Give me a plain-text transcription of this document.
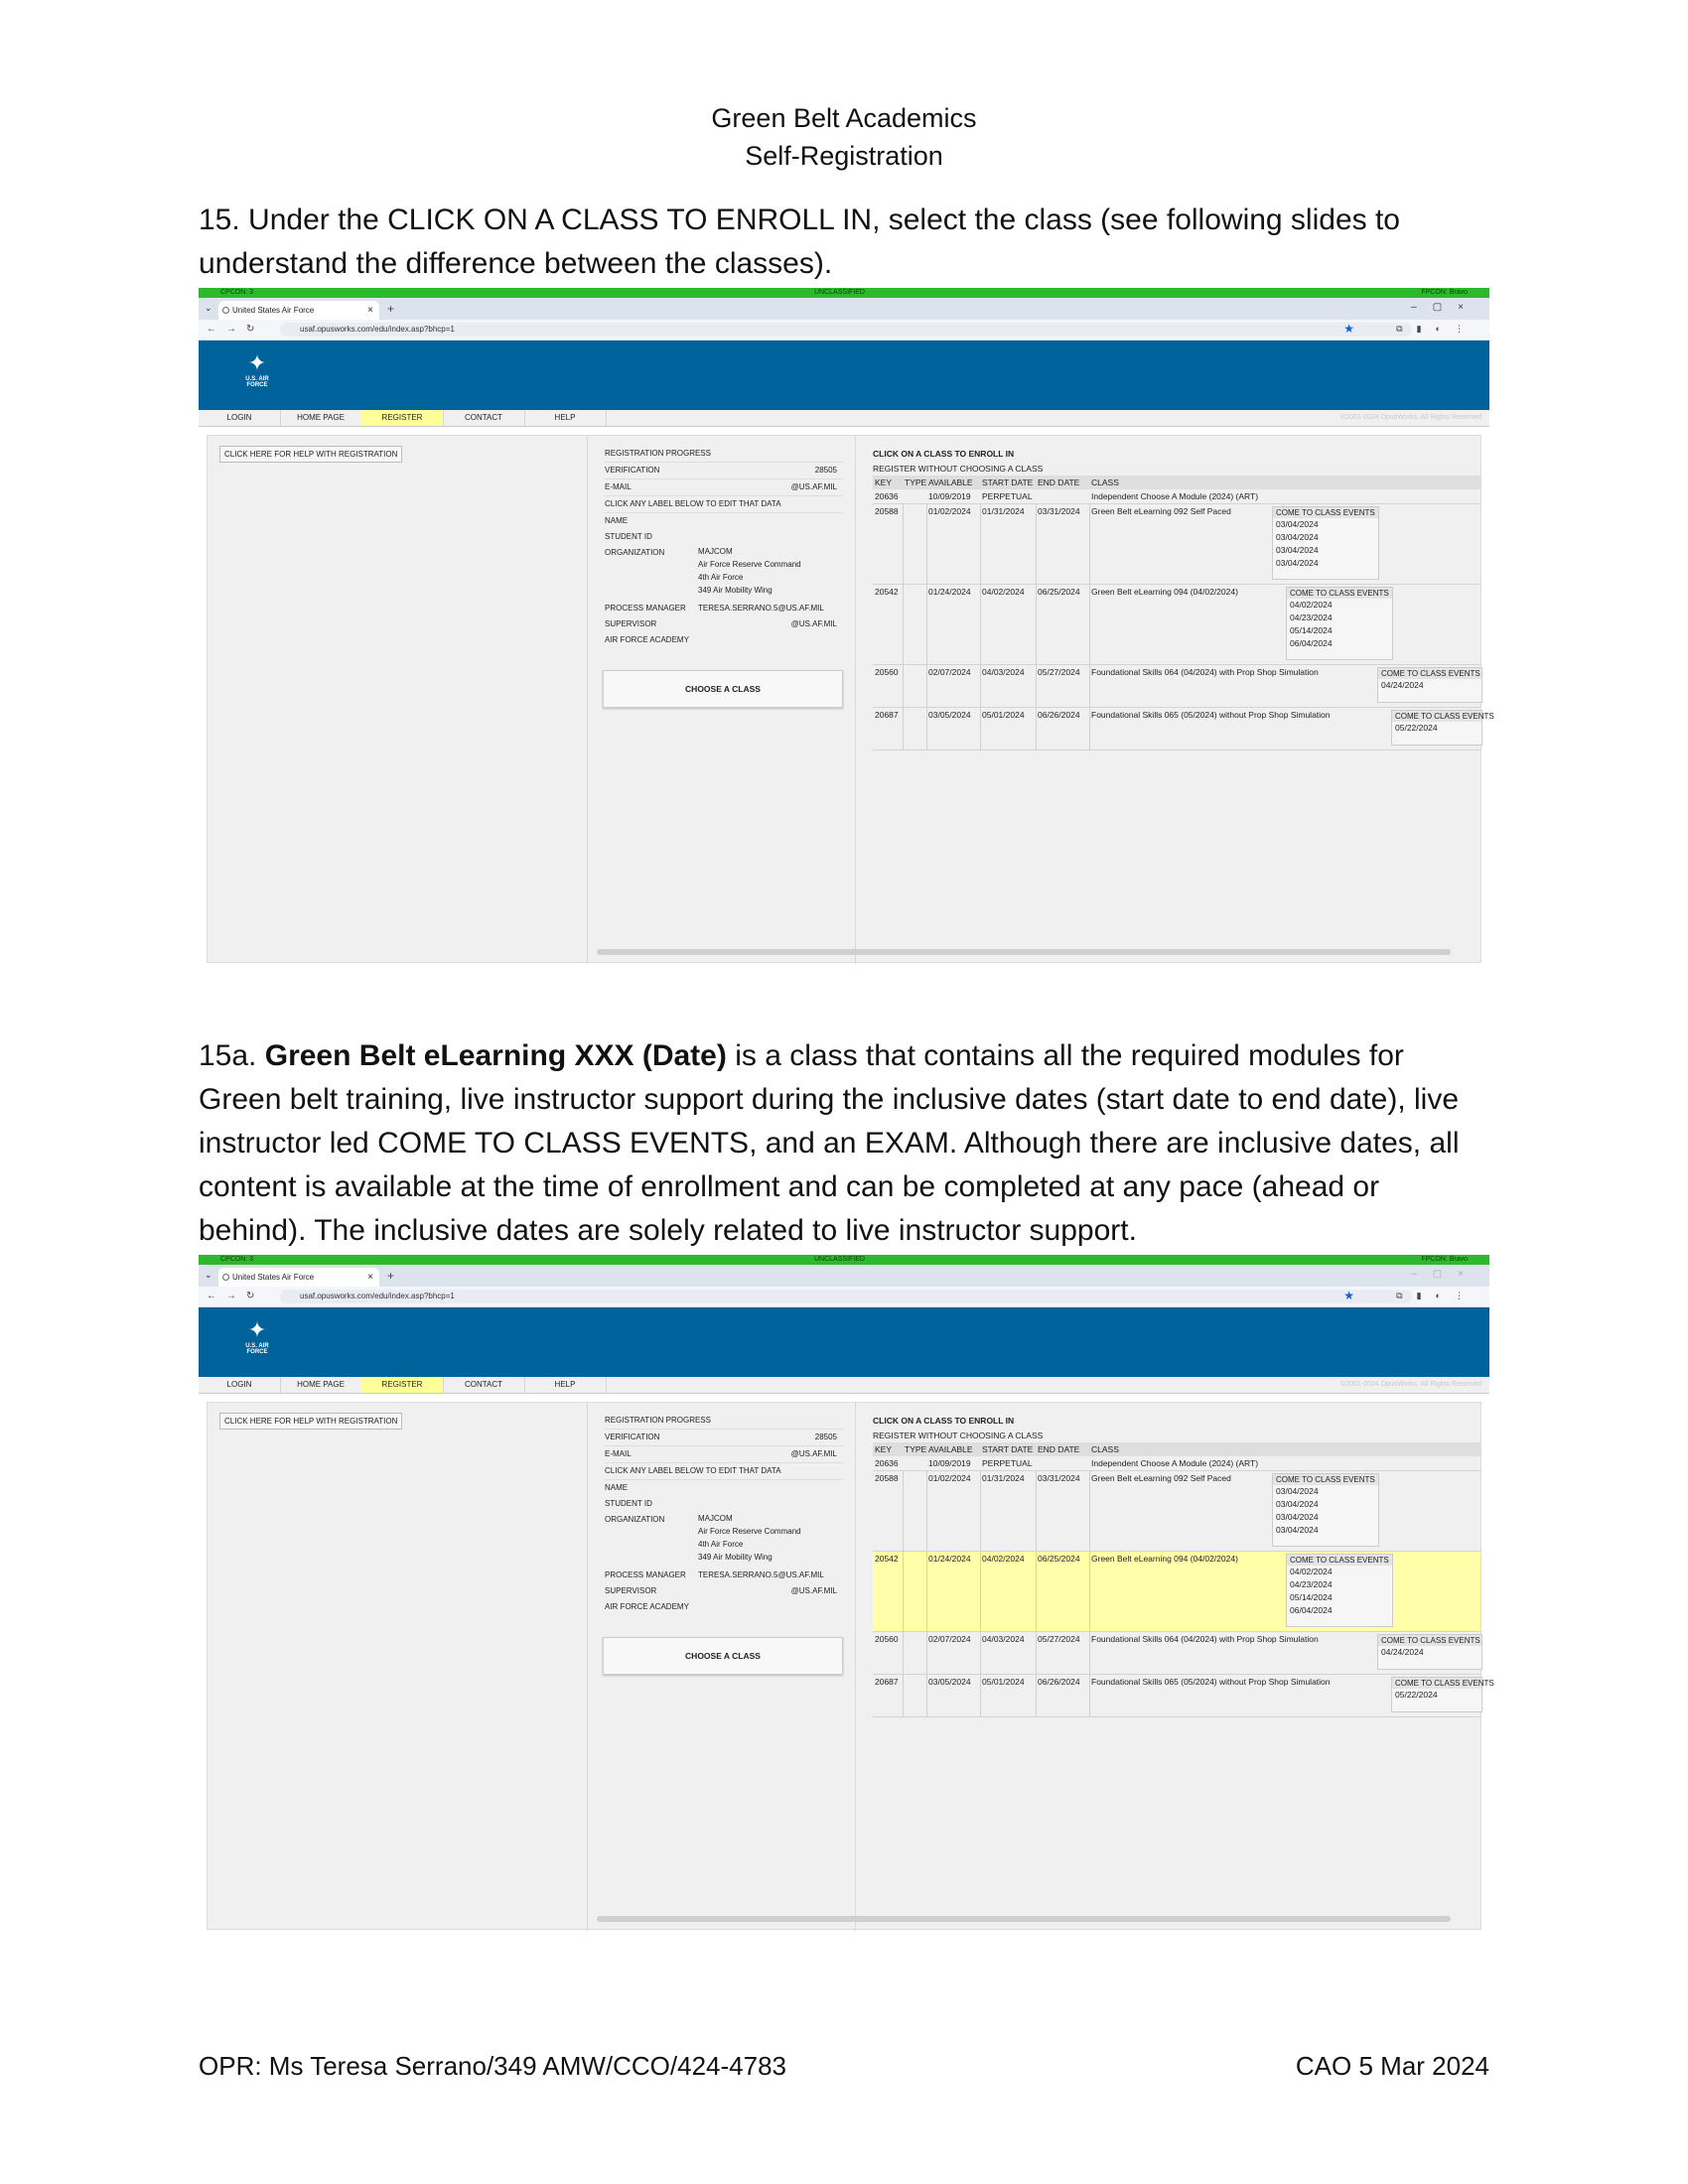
Green Belt Academics
Self-Registration
15. Under the CLICK ON A CLASS TO ENROLL IN, select the class (see following slides to understand the difference between the classes).
CPCON: 3	UNCLASSIFIED	FPCON: Bravo
⌄	United States Air Force	× +	–▢×
←→↻	usaf.opusworks.com/edu/index.asp?bhcp=1	★	⧉▮◐⋮
✦
U.S. AIR FORCE
LOGIN	HOME PAGE	REGISTER	CONTACT	HELP	©2001-2024 OpusWorks. All Rights Reserved
CLICK HERE FOR HELP WITH REGISTRATION	REGISTRATION PROGRESS
VERIFICATION	28505
E-MAIL	@US.AF.MIL
CLICK ANY LABEL BELOW TO EDIT THAT DATA
NAME
STUDENT ID
ORGANIZATION	MAJCOM
Air Force Reserve Command
4th Air Force
349 Air Mobility Wing
PROCESS MANAGER TERESA.SERRANO.5@US.AF.MIL
SUPERVISOR	@US.AF.MIL
AIR FORCE ACADEMY
CHOOSE A CLASS
CLICK ON A CLASS TO ENROLL IN
REGISTER WITHOUT CHOOSING A CLASS
KEY TYPE AVAILABLE START DATE END DATE CLASS
20636	10/09/2019 PERPETUAL	Independent Choose A Module (2024) (ART)
20588	01/02/2024 01/31/2024 03/31/2024 Green Belt eLearning 092 Self Paced	COME TO CLASS EVENTS
03/04/2024
03/04/2024
03/04/2024
03/04/2024
20542	01/24/2024 04/02/2024 06/25/2024 Green Belt eLearning 094 (04/02/2024)	COME TO CLASS EVENTS
04/02/2024
04/23/2024
05/14/2024
06/04/2024
20560	02/07/2024 04/03/2024 05/27/2024 Foundational Skills 064 (04/2024) with Prop Shop Simulation	COME TO CLASS EVENTS
04/24/2024
20687	03/05/2024 05/01/2024 06/26/2024 Foundational Skills 065 (05/2024) without Prop Shop Simulation	COME TO CLASS EVENTS
05/22/2024
15a. Green Belt eLearning XXX (Date) is a class that contains all the required modules for Green belt training, live instructor support during the inclusive dates (start date to end date), live instructor led COME TO CLASS EVENTS, and an EXAM. Although there are inclusive dates, all content is available at the time of enrollment and can be completed at any pace (ahead or behind). The inclusive dates are solely related to live instructor support.
CPCON: 3	UNCLASSIFIED	FPCON: Bravo
⌄	United States Air Force	× +	–▢×
←→↻	usaf.opusworks.com/edu/index.asp?bhcp=1	★	⧉▮◐⋮
✦
U.S. AIR FORCE
LOGIN	HOME PAGE	REGISTER	CONTACT	HELP	©2001-2024 OpusWorks. All Rights Reserved
CLICK HERE FOR HELP WITH REGISTRATION	REGISTRATION PROGRESS
VERIFICATION	28505
E-MAIL	@US.AF.MIL
CLICK ANY LABEL BELOW TO EDIT THAT DATA
NAME
STUDENT ID
ORGANIZATION	MAJCOM
Air Force Reserve Command
4th Air Force
349 Air Mobility Wing
PROCESS MANAGER TERESA.SERRANO.5@US.AF.MIL
SUPERVISOR	@US.AF.MIL
AIR FORCE ACADEMY
CHOOSE A CLASS
CLICK ON A CLASS TO ENROLL IN
REGISTER WITHOUT CHOOSING A CLASS
KEY TYPE AVAILABLE START DATE END DATE CLASS
20636	10/09/2019 PERPETUAL	Independent Choose A Module (2024) (ART)
20588	01/02/2024 01/31/2024 03/31/2024 Green Belt eLearning 092 Self Paced	COME TO CLASS EVENTS
03/04/2024
03/04/2024
03/04/2024
03/04/2024
20542	01/24/2024 04/02/2024 06/25/2024 Green Belt eLearning 094 (04/02/2024)	COME TO CLASS EVENTS
04/02/2024
04/23/2024
05/14/2024
06/04/2024
20560	02/07/2024 04/03/2024 05/27/2024 Foundational Skills 064 (04/2024) with Prop Shop Simulation	COME TO CLASS EVENTS
04/24/2024
20687	03/05/2024 05/01/2024 06/26/2024 Foundational Skills 065 (05/2024) without Prop Shop Simulation	COME TO CLASS EVENTS
05/22/2024
OPR: Ms Teresa Serrano/349 AMW/CCO/424-4783	CAO 5 Mar 2024
